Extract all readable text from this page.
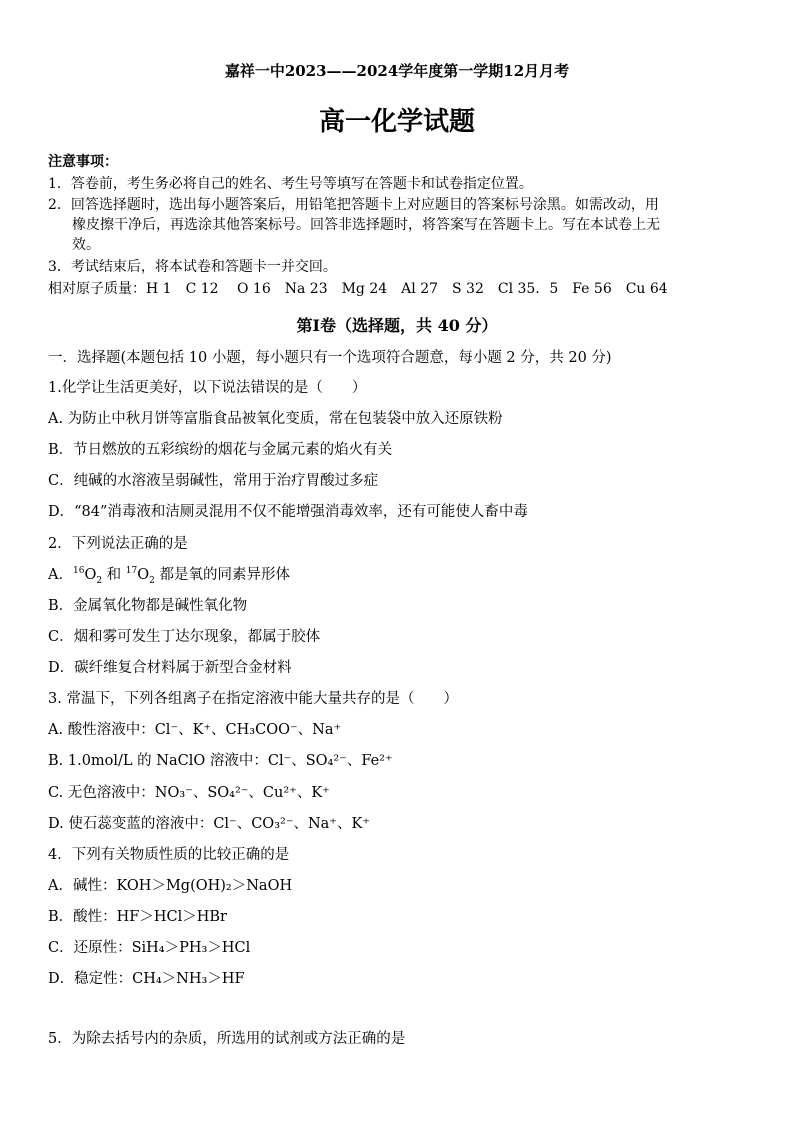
嘉祥一中2023——2024学年度第一学期12月月考
高一化学试题
注意事项：
1．答卷前，考生务必将自己的姓名、考生号等填写在答题卡和试卷指定位置。
2．回答选择题时，选出每小题答案后，用铅笔把答题卡上对应题目的答案标号涂黑。如需改动，用
橡皮擦干净后，再选涂其他答案标号。回答非选择题时，将答案写在答题卡上。写在本试卷上无
效。
3．考试结束后，将本试卷和答题卡一并交回。
相对原子质量：H 1　C 12　 O 16　Na 23　Mg 24　Al 27　S 32　Cl 35．5　Fe 56　Cu 64
第Ⅰ卷（选择题，共 40 分）
一．选择题(本题包括 10 小题，每小题只有一个选项符合题意，每小题 2 分，共 20 分)
1.化学让生活更美好，以下说法错误的是（　　）
A. 为防止中秋月饼等富脂食品被氧化变质，常在包装袋中放入还原铁粉
B．节日燃放的五彩缤纷的烟花与金属元素的焰火有关
C．纯碱的水溶液呈弱碱性，常用于治疗胃酸过多症
D．“84”消毒液和洁厕灵混用不仅不能增强消毒效率，还有可能使人畜中毒
2．下列说法正确的是
A．$^{16}O_2$ 和 $^{17}O_2$ 都是氧的同素异形体
B．金属氧化物都是碱性氧化物
C．烟和雾可发生丁达尔现象，都属于胶体
D．碳纤维复合材料属于新型合金材料
3. 常温下，下列各组离子在指定溶液中能大量共存的是（　　）
A. 酸性溶液中：Cl⁻、K⁺、CH₃COO⁻、Na⁺
B. 1.0mol/L 的 NaClO 溶液中：Cl⁻、SO₄²⁻、Fe²⁺
C. 无色溶液中：NO₃⁻、SO₄²⁻、Cu²⁺、K⁺
D. 使石蕊变蓝的溶液中：Cl⁻、CO₃²⁻、Na⁺、K⁺
4．下列有关物质性质的比较正确的是
A．碱性：KOH＞Mg(OH)₂＞NaOH
B．酸性：HF＞HCl＞HBr
C．还原性：SiH₄＞PH₃＞HCl
D．稳定性：CH₄＞NH₃＞HF
5．为除去括号内的杂质，所选用的试剂或方法正确的是
